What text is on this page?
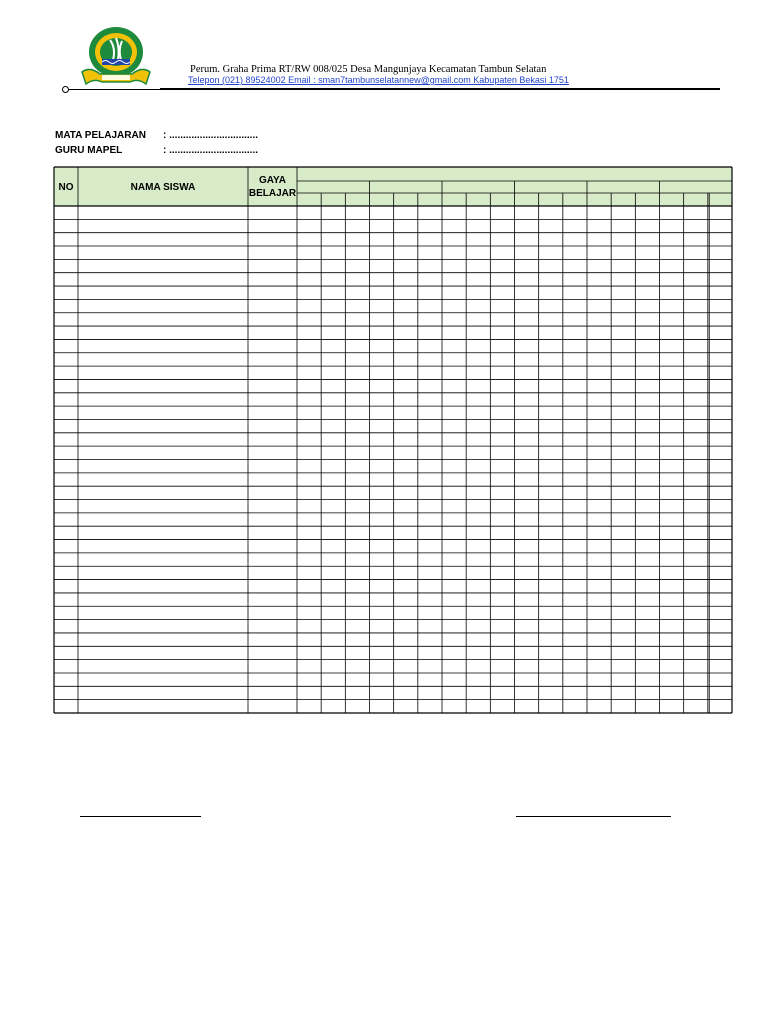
Perum. Graha Prima RT/RW 008/025 Desa Mangunjaya Kecamatan Tambun Selatan
Telepon (021) 89524002 Email : sman7tambunselatannew@gmail.com Kabupaten Bekasi 1751
MATA PELAJARAN : ................................
GURU MAPEL	: ................................
NO	NAMA SISWA
GAYA
BELAJAR
